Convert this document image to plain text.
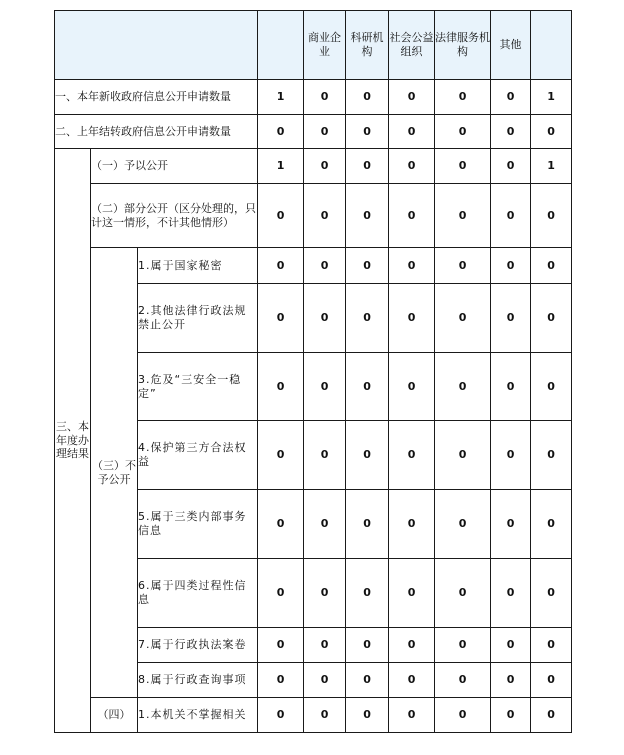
				商业企业	科研机构	社会公益组织	法律服务机构	其他	
一、本年新收政府信息公开申请数量			1	0	0	0	0	0	1
二、上年结转政府信息公开申请数量			0	0	0	0	0	0	0
三、本年度办理结果	（一）予以公开		1	0	0	0	0	0	1
	（二）部分公开（区分处理的，只计这一情形，不计其他情形）		0	0	0	0	0	0	0
	（三）不予公开	1.属于国家秘密	0	0	0	0	0	0	0
		2.其他法律行政法规禁止公开	0	0	0	0	0	0	0
		3.危及“三安全一稳定”	0	0	0	0	0	0	0
		4.保护第三方合法权益	0	0	0	0	0	0	0
		5.属于三类内部事务信息	0	0	0	0	0	0	0
		6.属于四类过程性信息	0	0	0	0	0	0	0
		7.属于行政执法案卷	0	0	0	0	0	0	0
		8.属于行政查询事项	0	0	0	0	0	0	0
	（四）	1.本机关不掌握相关	0	0	0	0	0	0	0
